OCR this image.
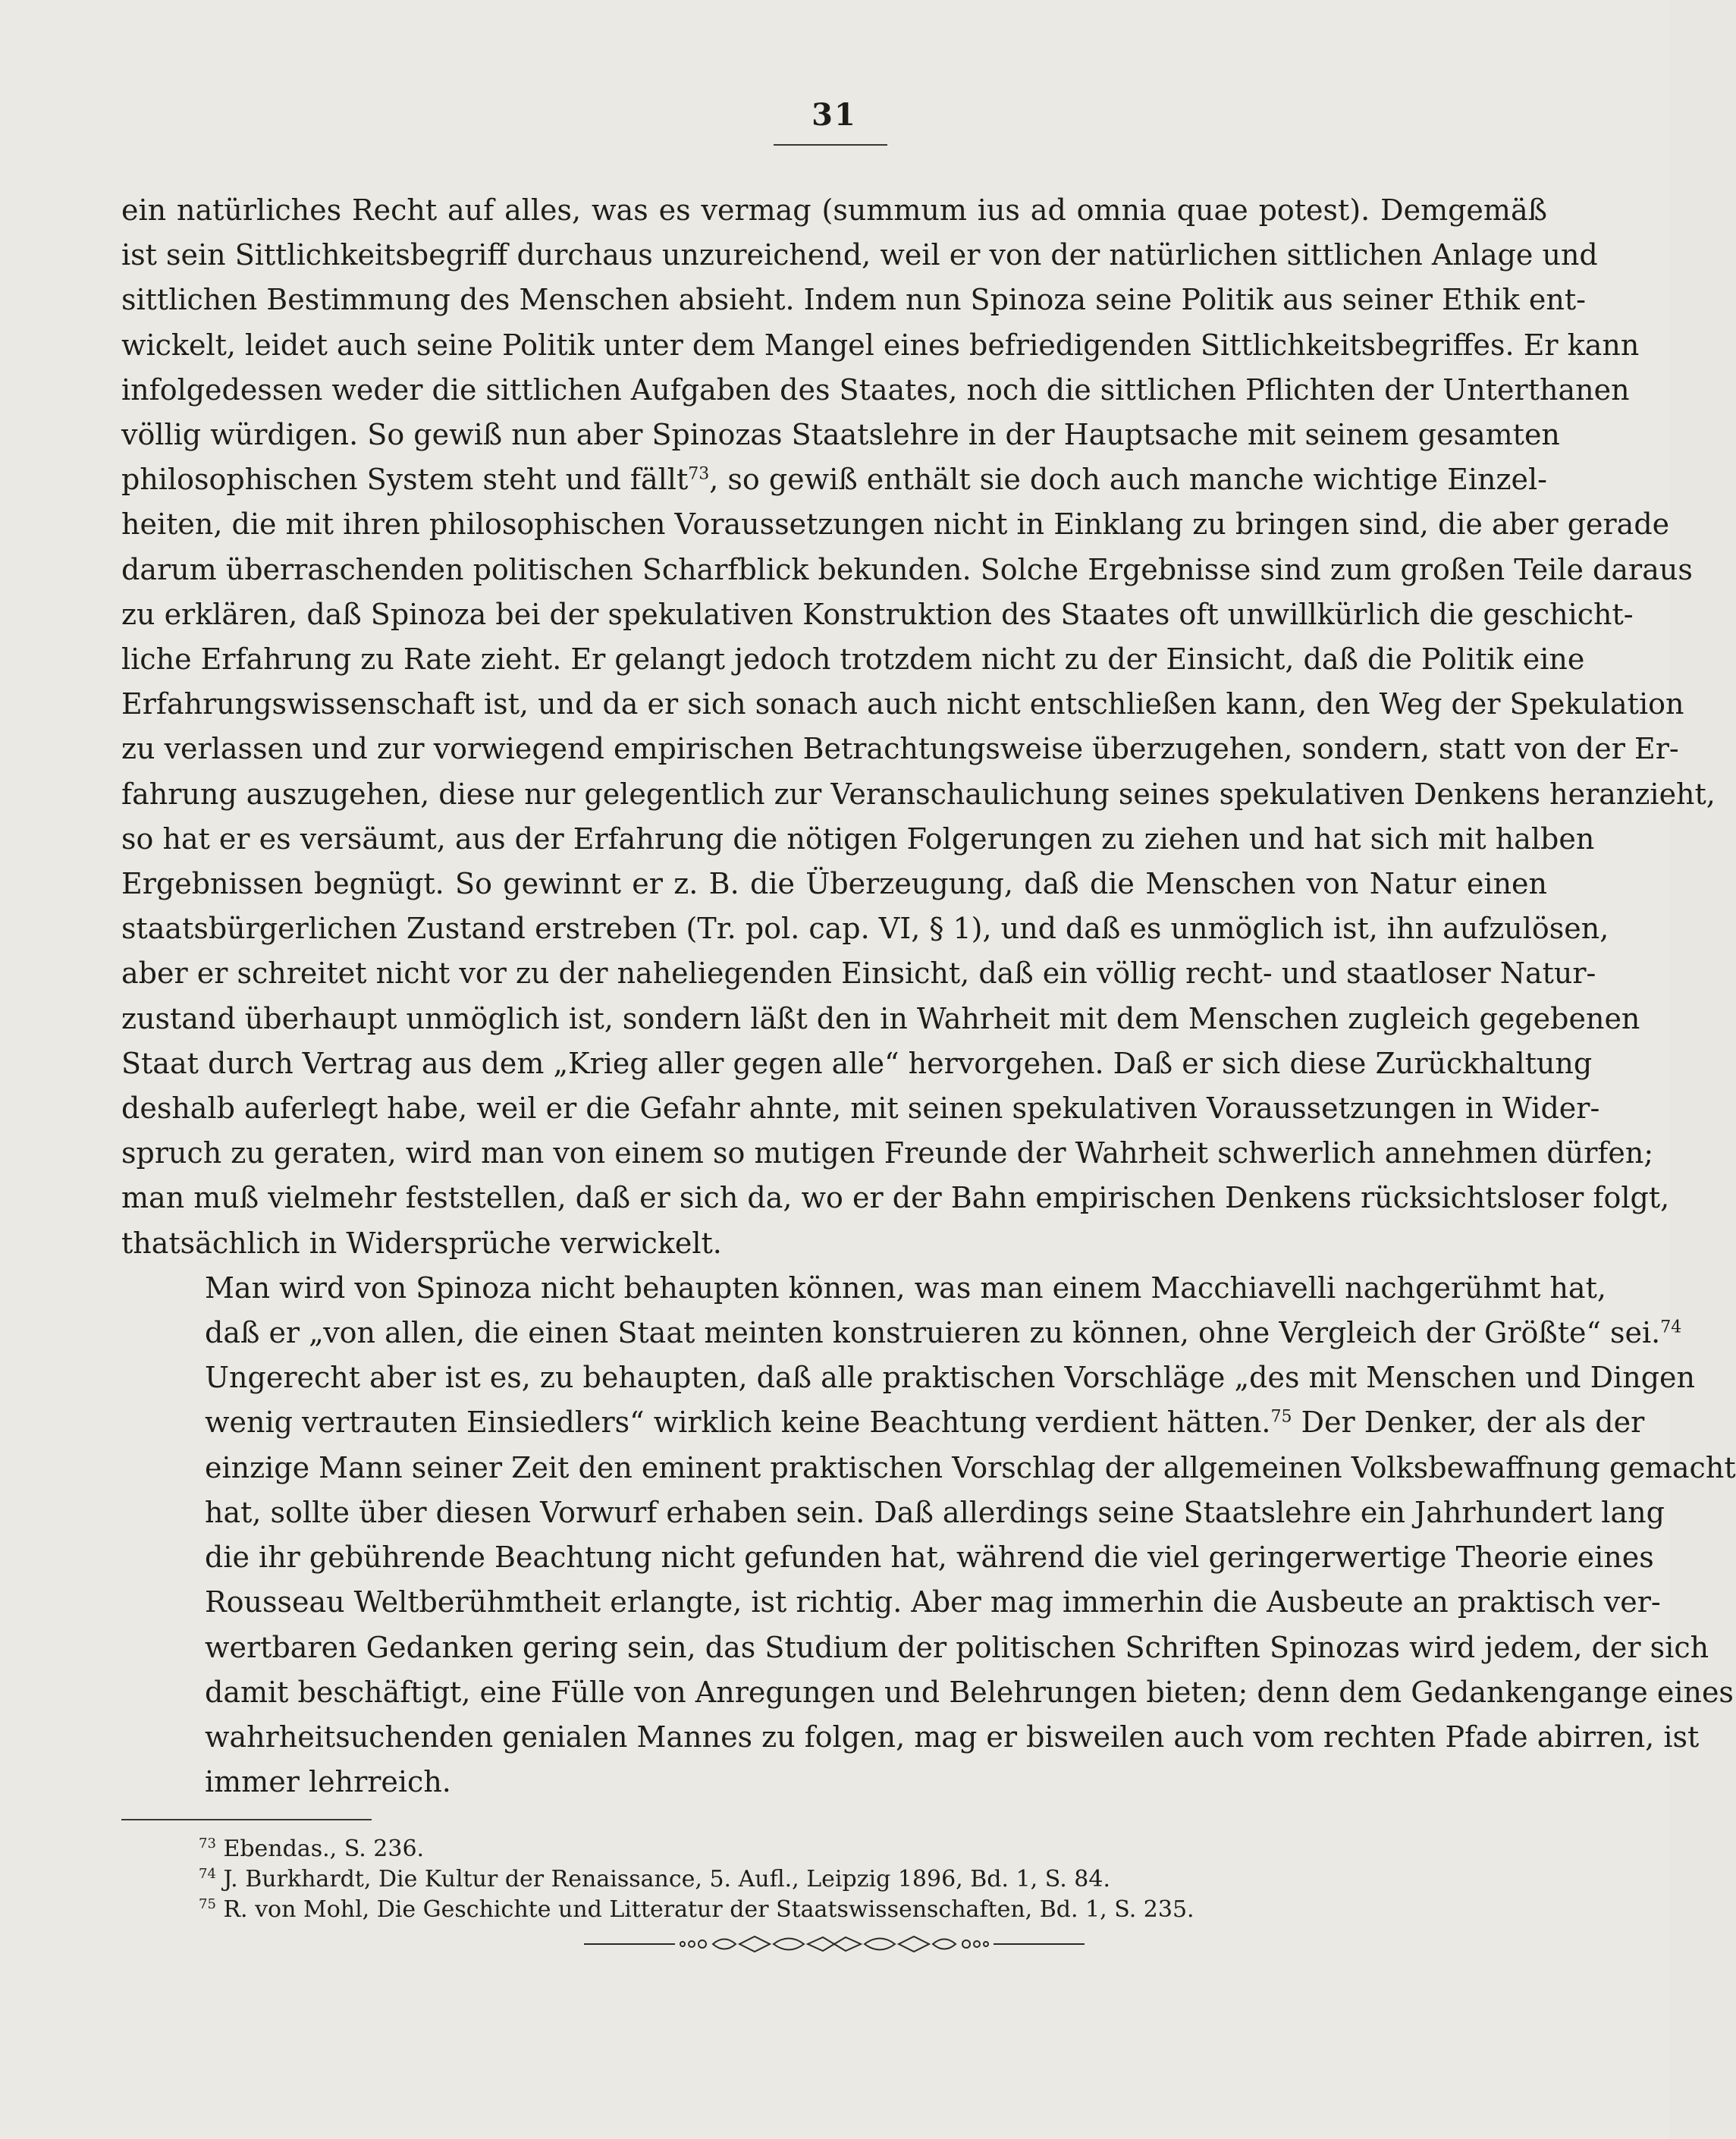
31

ein natürliches Recht auf alles, was es vermag (summum ius ad omnia quae potest). Demgemäß
ist sein Sittlichkeitsbegriff durchaus unzureichend, weil er von der natürlichen sittlichen Anlage und
sittlichen Bestimmung des Menschen absieht. Indem nun Spinoza seine Politik aus seiner Ethik ent-
wickelt, leidet auch seine Politik unter dem Mangel eines befriedigenden Sittlichkeitsbegriffes. Er kann
infolgedessen weder die sittlichen Aufgaben des Staates, noch die sittlichen Pflichten der Unterthanen
völlig würdigen. So gewiß nun aber Spinozas Staatslehre in der Hauptsache mit seinem gesamten
philosophischen System steht und fällt$^{73}$, so gewiß enthält sie doch auch manche wichtige Einzel-
heiten, die mit ihren philosophischen Voraussetzungen nicht in Einklang zu bringen sind, die aber gerade
darum überraschenden politischen Scharfblick bekunden. Solche Ergebnisse sind zum großen Teile daraus
zu erklären, daß Spinoza bei der spekulativen Konstruktion des Staates oft unwillkürlich die geschicht-
liche Erfahrung zu Rate zieht. Er gelangt jedoch trotzdem nicht zu der Einsicht, daß die Politik eine
Erfahrungswissenschaft ist, und da er sich sonach auch nicht entschließen kann, den Weg der Spekulation
zu verlassen und zur vorwiegend empirischen Betrachtungsweise überzugehen, sondern, statt von der Er-
fahrung auszugehen, diese nur gelegentlich zur Veranschaulichung seines spekulativen Denkens heranzieht,
so hat er es versäumt, aus der Erfahrung die nötigen Folgerungen zu ziehen und hat sich mit halben
Ergebnissen begnügt. So gewinnt er z. B. die Überzeugung, daß die Menschen von Natur einen
staatsbürgerlichen Zustand erstreben (Tr. pol. cap. VI, § 1), und daß es unmöglich ist, ihn aufzulösen,
aber er schreitet nicht vor zu der naheliegenden Einsicht, daß ein völlig recht- und staatloser Natur-
zustand überhaupt unmöglich ist, sondern läßt den in Wahrheit mit dem Menschen zugleich gegebenen
Staat durch Vertrag aus dem „Krieg aller gegen alle“ hervorgehen. Daß er sich diese Zurückhaltung
deshalb auferlegt habe, weil er die Gefahr ahnte, mit seinen spekulativen Voraussetzungen in Wider-
spruch zu geraten, wird man von einem so mutigen Freunde der Wahrheit schwerlich annehmen dürfen;
man muß vielmehr feststellen, daß er sich da, wo er der Bahn empirischen Denkens rücksichtsloser folgt,
thatsächlich in Widersprüche verwickelt.

Man wird von Spinoza nicht behaupten können, was man einem Macchiavelli nachgerühmt hat,
daß er „von allen, die einen Staat meinten konstruieren zu können, ohne Vergleich der Größte“ sei.$^{74}$
Ungerecht aber ist es, zu behaupten, daß alle praktischen Vorschläge „des mit Menschen und Dingen
wenig vertrauten Einsiedlers“ wirklich keine Beachtung verdient hätten.$^{75}$ Der Denker, der als der
einzige Mann seiner Zeit den eminent praktischen Vorschlag der allgemeinen Volksbewaffnung gemacht
hat, sollte über diesen Vorwurf erhaben sein. Daß allerdings seine Staatslehre ein Jahrhundert lang
die ihr gebührende Beachtung nicht gefunden hat, während die viel geringerwertige Theorie eines
Rousseau Weltberühmtheit erlangte, ist richtig. Aber mag immerhin die Ausbeute an praktisch ver-
wertbaren Gedanken gering sein, das Studium der politischen Schriften Spinozas wird jedem, der sich
damit beschäftigt, eine Fülle von Anregungen und Belehrungen bieten; denn dem Gedankengange eines
wahrheitsuchenden genialen Mannes zu folgen, mag er bisweilen auch vom rechten Pfade abirren, ist
immer lehrreich.

$^{73}$ Ebendas., S. 236.
$^{74}$ J. Burkhardt, Die Kultur der Renaissance, 5. Aufl., Leipzig 1896, Bd. 1, S. 84.
$^{75}$ R. von Mohl, Die Geschichte und Litteratur der Staatswissenschaften, Bd. 1, S. 235.
